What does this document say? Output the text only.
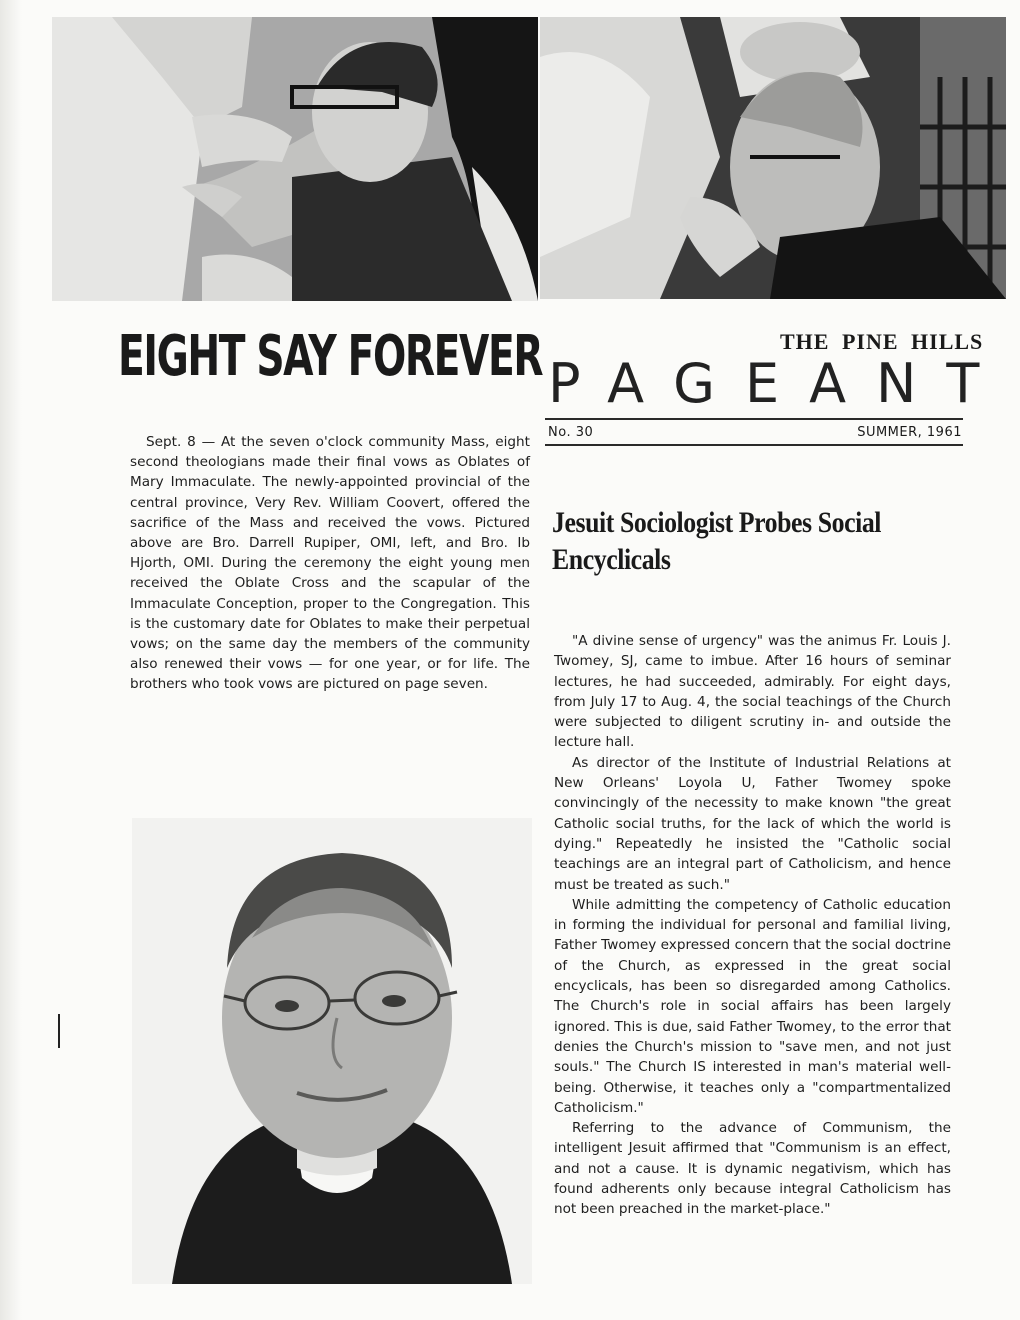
EIGHT SAY FOREVER	THE PINE HILLS
PAGEANT
No. 30	SUMMER, 1961

Sept. 8 — At the seven o'clock community Mass, eight second theologians made their final vows as Oblates of Mary Immaculate. The newly-appointed provincial of the central province, Very Rev. William Coovert, offered the sacrifice of the Mass and received the vows. Pictured above are Bro. Darrell Rupiper, OMI, left, and Bro. Ib Hjorth, OMI. During the ceremony the eight young men received the Oblate Cross and the scapular of the Immaculate Conception, proper to the Congregation. This is the customary date for Oblates to make their perpetual vows; on the same day the members of the community also renewed their vows — for one year, or for life. The brothers who took vows are pictured on page seven.

Jesuit Sociologist Probes Social Encyclicals

"A divine sense of urgency" was the animus Fr. Louis J. Twomey, SJ, came to imbue. After 16 hours of seminar lectures, he had succeeded, admirably. For eight days, from July 17 to Aug. 4, the social teachings of the Church were subjected to diligent scrutiny in- and outside the lecture hall.

As director of the Institute of Industrial Relations at New Orleans' Loyola U, Father Twomey spoke convincingly of the necessity to make known "the great Catholic social truths, for the lack of which the world is dying." Repeatedly he insisted the "Catholic social teachings are an integral part of Catholicism, and hence must be treated as such."

While admitting the competency of Catholic education in forming the individual for personal and familial living, Father Twomey expressed concern that the social doctrine of the Church, as expressed in the great social encyclicals, has been so disregarded among Catholics. The Church's role in social affairs has been largely ignored. This is due, said Father Twomey, to the error that denies the Church's mission to "save men, and not just souls." The Church IS interested in man's material well-being. Otherwise, it teaches only a "compartmentalized Catholicism."

Referring to the advance of Communism, the intelligent Jesuit affirmed that "Communism is an effect, and not a cause. It is dynamic negativism, which has found adherents only because integral Catholicism has not been preached in the market-place."
